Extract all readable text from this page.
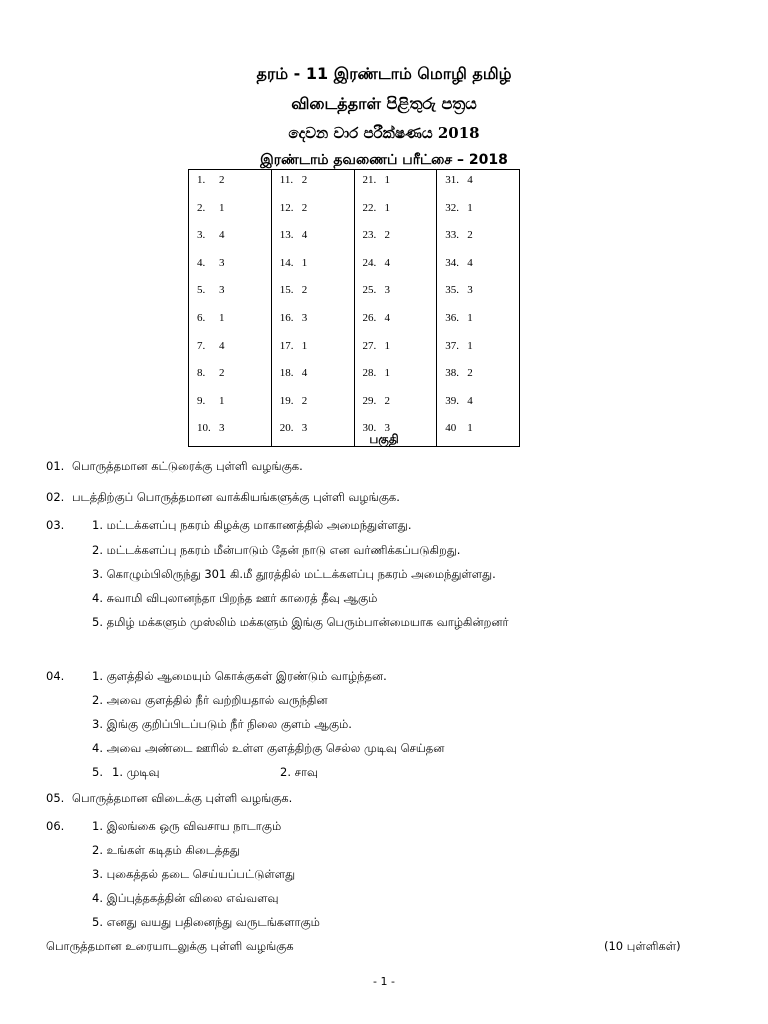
தரம் - 11 இரண்டாம் மொழி தமிழ்
விடைத்தாள் පිළිතුරු පත්‍රය
දෙවන වාර පරීක්ෂණය 2018
இரண்டாம் தவணைப் பரீட்சை – 2018
1. 2	11. 2	21. 1	31. 4
2. 1	12. 2	22. 1	32. 1
3. 4	13. 4	23. 2	33. 2
4. 3	14. 1	24. 4	34. 4
5. 3	15. 2	25. 3	35. 3
6. 1	16. 3	26. 4	36. 1
7. 4	17. 1	27. 1	37. 1
8. 2	18. 4	28. 1	38. 2
9. 1	19. 2	29. 2	39. 4
10. 3	20. 3	30. 3	40 1
பகுதி
01. பொருத்தமான கட்டுரைக்கு புள்ளி வழங்குக.
02. படத்திற்குப் பொருத்தமான வாக்கியங்களுக்கு புள்ளி வழங்குக.
03. 1. மட்டக்களப்பு நகரம் கிழக்கு மாகாணத்தில் அமைந்துள்ளது.
2. மட்டக்களப்பு நகரம் மீன்பாடும் தேன் நாடு என வர்ணிக்கப்படுகிறது.
3. கொழும்பிலிருந்து 301 கி.மீ தூரத்தில் மட்டக்களப்பு நகரம் அமைந்துள்ளது.
4. சுவாமி விபுலானந்தா பிறந்த ஊர் காரைத் தீவு ஆகும்
5. தமிழ் மக்களும் முஸ்லிம் மக்களும் இங்கு பெரும்பான்மையாக வாழ்கின்றனர்
04. 1. குளத்தில் ஆமையும் கொக்குகள் இரண்டும் வாழ்ந்தன.
2. அவை குளத்தில் நீர் வற்றியதால் வருந்தின
3. இங்கு குறிப்பிடப்படும் நீர் நிலை குளம் ஆகும்.
4. அவை அண்டை ஊரில் உள்ள குளத்திற்கு செல்ல முடிவு செய்தன
5. 1. முடிவு	2. சாவு
05. பொருத்தமான விடைக்கு புள்ளி வழங்குக.
06. 1. இலங்கை ஒரு விவசாய நாடாகும்
2. உங்கள் கடிதம் கிடைத்தது
3. புகைத்தல் தடை செய்யப்பட்டுள்ளது
4. இப்புத்தகத்தின் விலை எவ்வளவு
5. எனது வயது பதினைந்து வருடங்களாகும்
பொருத்தமான உரையாடலுக்கு புள்ளி வழங்குக	(10 புள்ளிகள்)
- 1 -
